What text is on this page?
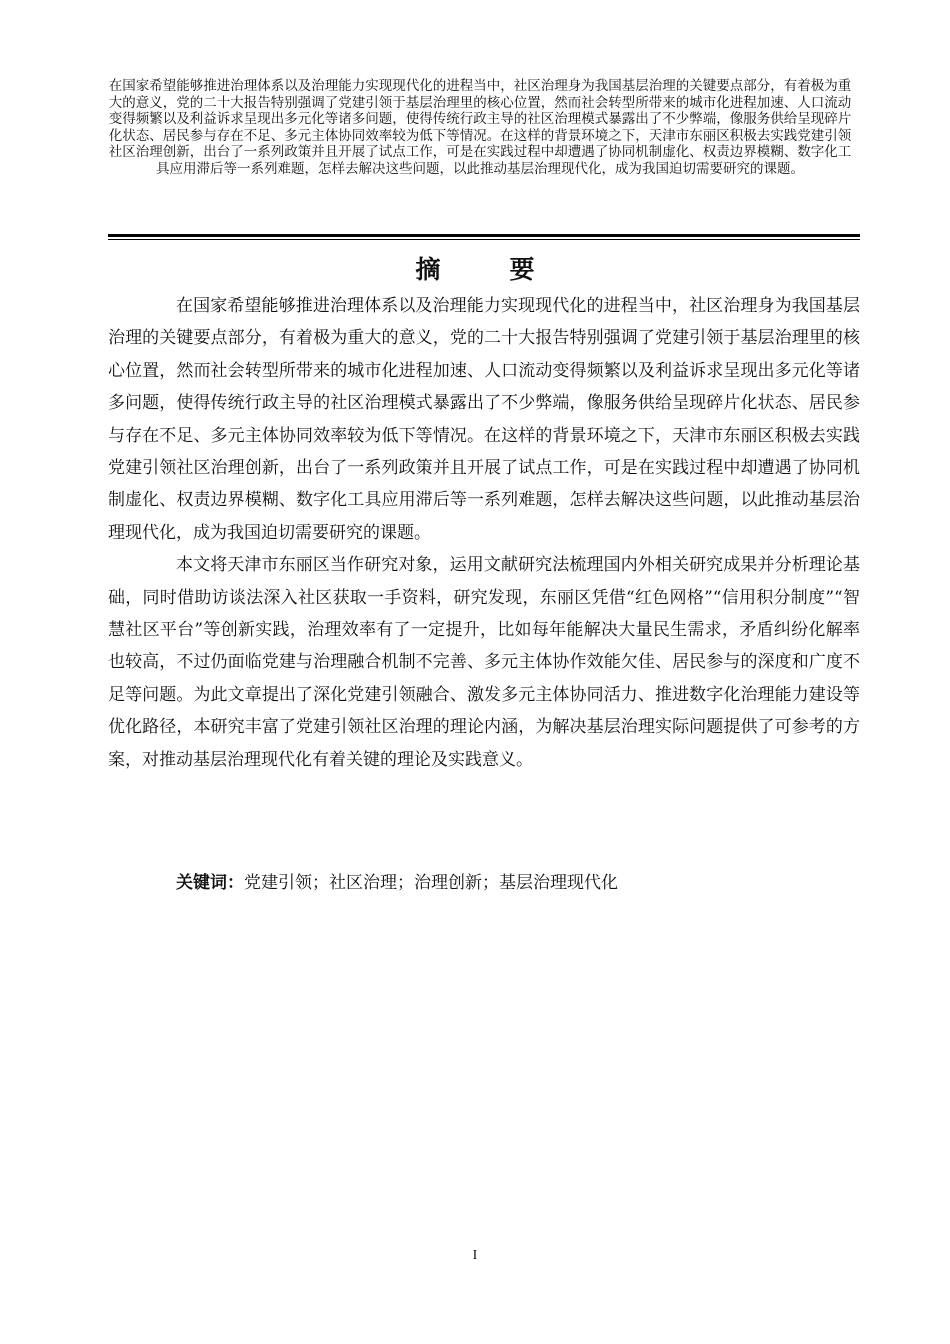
在国家希望能够推进治理体系以及治理能力实现现代化的进程当中，社区治理身为我国基层治理的关键要点部分，有着极为重大的意义，党的二十大报告特别强调了党建引领于基层治理里的核心位置，然而社会转型所带来的城市化进程加速、人口流动变得频繁以及利益诉求呈现出多元化等诸多问题，使得传统行政主导的社区治理模式暴露出了不少弊端，像服务供给呈现碎片化状态、居民参与存在不足、多元主体协同效率较为低下等情况。在这样的背景环境之下，天津市东丽区积极去实践党建引领社区治理创新，出台了一系列政策并且开展了试点工作，可是在实践过程中却遭遇了协同机制虚化、权责边界模糊、数字化工具应用滞后等一系列难题，怎样去解决这些问题，以此推动基层治理现代化，成为我国迫切需要研究的课题。
摘　要

在国家希望能够推进治理体系以及治理能力实现现代化的进程当中，社区治理身为我国基层治理的关键要点部分，有着极为重大的意义，党的二十大报告特别强调了党建引领于基层治理里的核心位置，然而社会转型所带来的城市化进程加速、人口流动变得频繁以及利益诉求呈现出多元化等诸多问题，使得传统行政主导的社区治理模式暴露出了不少弊端，像服务供给呈现碎片化状态、居民参与存在不足、多元主体协同效率较为低下等情况。在这样的背景环境之下，天津市东丽区积极去实践党建引领社区治理创新，出台了一系列政策并且开展了试点工作，可是在实践过程中却遭遇了协同机制虚化、权责边界模糊、数字化工具应用滞后等一系列难题，怎样去解决这些问题，以此推动基层治理现代化，成为我国迫切需要研究的课题。

本文将天津市东丽区当作研究对象，运用文献研究法梳理国内外相关研究成果并分析理论基础，同时借助访谈法深入社区获取一手资料，研究发现，东丽区凭借“红色网格”“信用积分制度”“智慧社区平台”等创新实践，治理效率有了一定提升，比如每年能解决大量民生需求，矛盾纠纷化解率也较高，不过仍面临党建与治理融合机制不完善、多元主体协作效能欠佳、居民参与的深度和广度不足等问题。为此文章提出了深化党建引领融合、激发多元主体协同活力、推进数字化治理能力建设等优化路径，本研究丰富了党建引领社区治理的理论内涵，为解决基层治理实际问题提供了可参考的方案，对推动基层治理现代化有着关键的理论及实践意义。

关键词：党建引领；社区治理；治理创新；基层治理现代化
I
